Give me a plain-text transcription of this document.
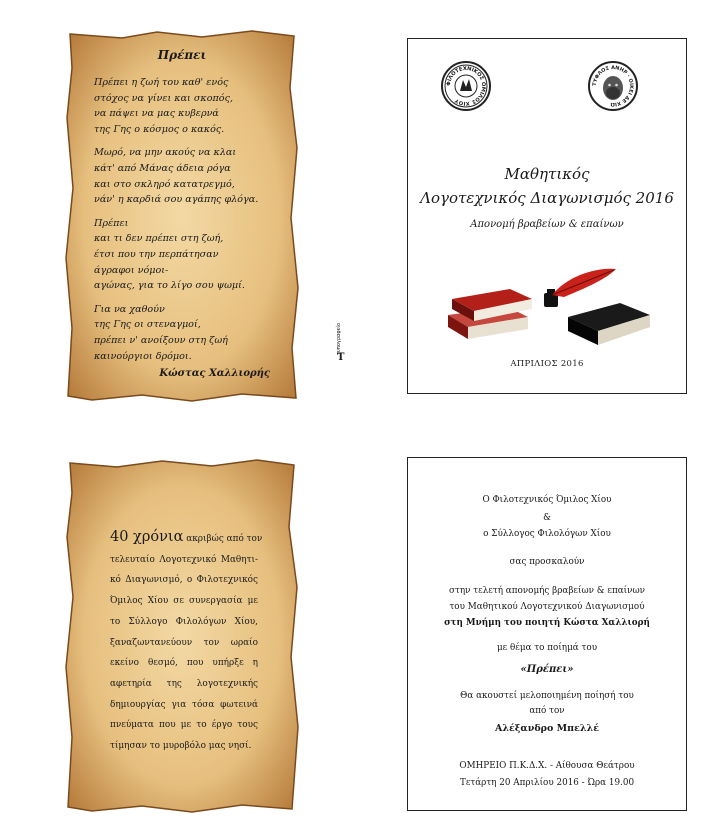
Πρέπει
Πρέπει η ζωή του καθ' ενός
στόχος να γίνει και σκοπός,
να πάψει να μας κυβερνά
της Γης ο κόσμος ο κακός.
Μωρό, να μην ακούς να κλαι
κάτ' από Μάνας άδεια ρόγα
και στο σκληρό κατατρεγμό,
νάν' η καρδιά σου αγάπης φλόγα.
Πρέπει
και τι δεν πρέπει στη ζωή,
έτσι που την περπάτησαν
άγραφοι νόμοι-
αγώνας, για το λίγο σου ψωμί.
Για να χαθούν
της Γης οι στεναγμοί,
πρέπει ν' ανοίξουν στη ζωή
καινούργιοι δρόμοι.
Κώστας Χαλλιορής
τυπογραφείο
T
ΦΙΛΟΤΕΧΝΙΚΟΣ ΟΜΙΛΟΣ ΧΙΟΥ
ΤΥΦΛΟΣ ΑΝΗΡ · ΟΙΚΕΙ ΔΕ ΧΙΩ
Μαθητικός
Λογοτεχνικός Διαγωνισμός 2016
Απονομή βραβείων & επαίνων
ΑΠΡΙΛΙΟΣ 2016
40 χρόνια ακριβώς από τον
τελευταίο Λογοτεχνικό Μαθητι-
κό Διαγωνισμό, ο Φιλοτεχνικός
Όμιλος Χίου σε συνεργασία με
το Σύλλογο Φιλολόγων Χίου,
ξαναζωντανεύουν τον ωραίο
εκείνο θεσμό, που υπήρξε η
αφετηρία της λογοτεχνικής
δημιουργίας για τόσα φωτεινά
πνεύματα που με το έργο τους
τίμησαν το μυροβόλο μας νησί.
Ο Φιλοτεχνικός Όμιλος Χίου
&
ο Σύλλογος Φιλολόγων Χίου
σας προσκαλούν
στην τελετή απονομής βραβείων & επαίνων
του Μαθητικού Λογοτεχνικού Διαγωνισμού
στη Μνήμη του ποιητή Κώστα Χαλλιορή
με θέμα το ποίημά του
«Πρέπει»
Θα ακουστεί μελοποιημένη ποίησή του
από τον
Αλέξανδρο Μπελλέ
ΟΜΗΡΕΙΟ Π.Κ.Δ.Χ. - Αίθουσα Θεάτρου
Τετάρτη 20 Απριλίου 2016 - Ώρα 19.00
